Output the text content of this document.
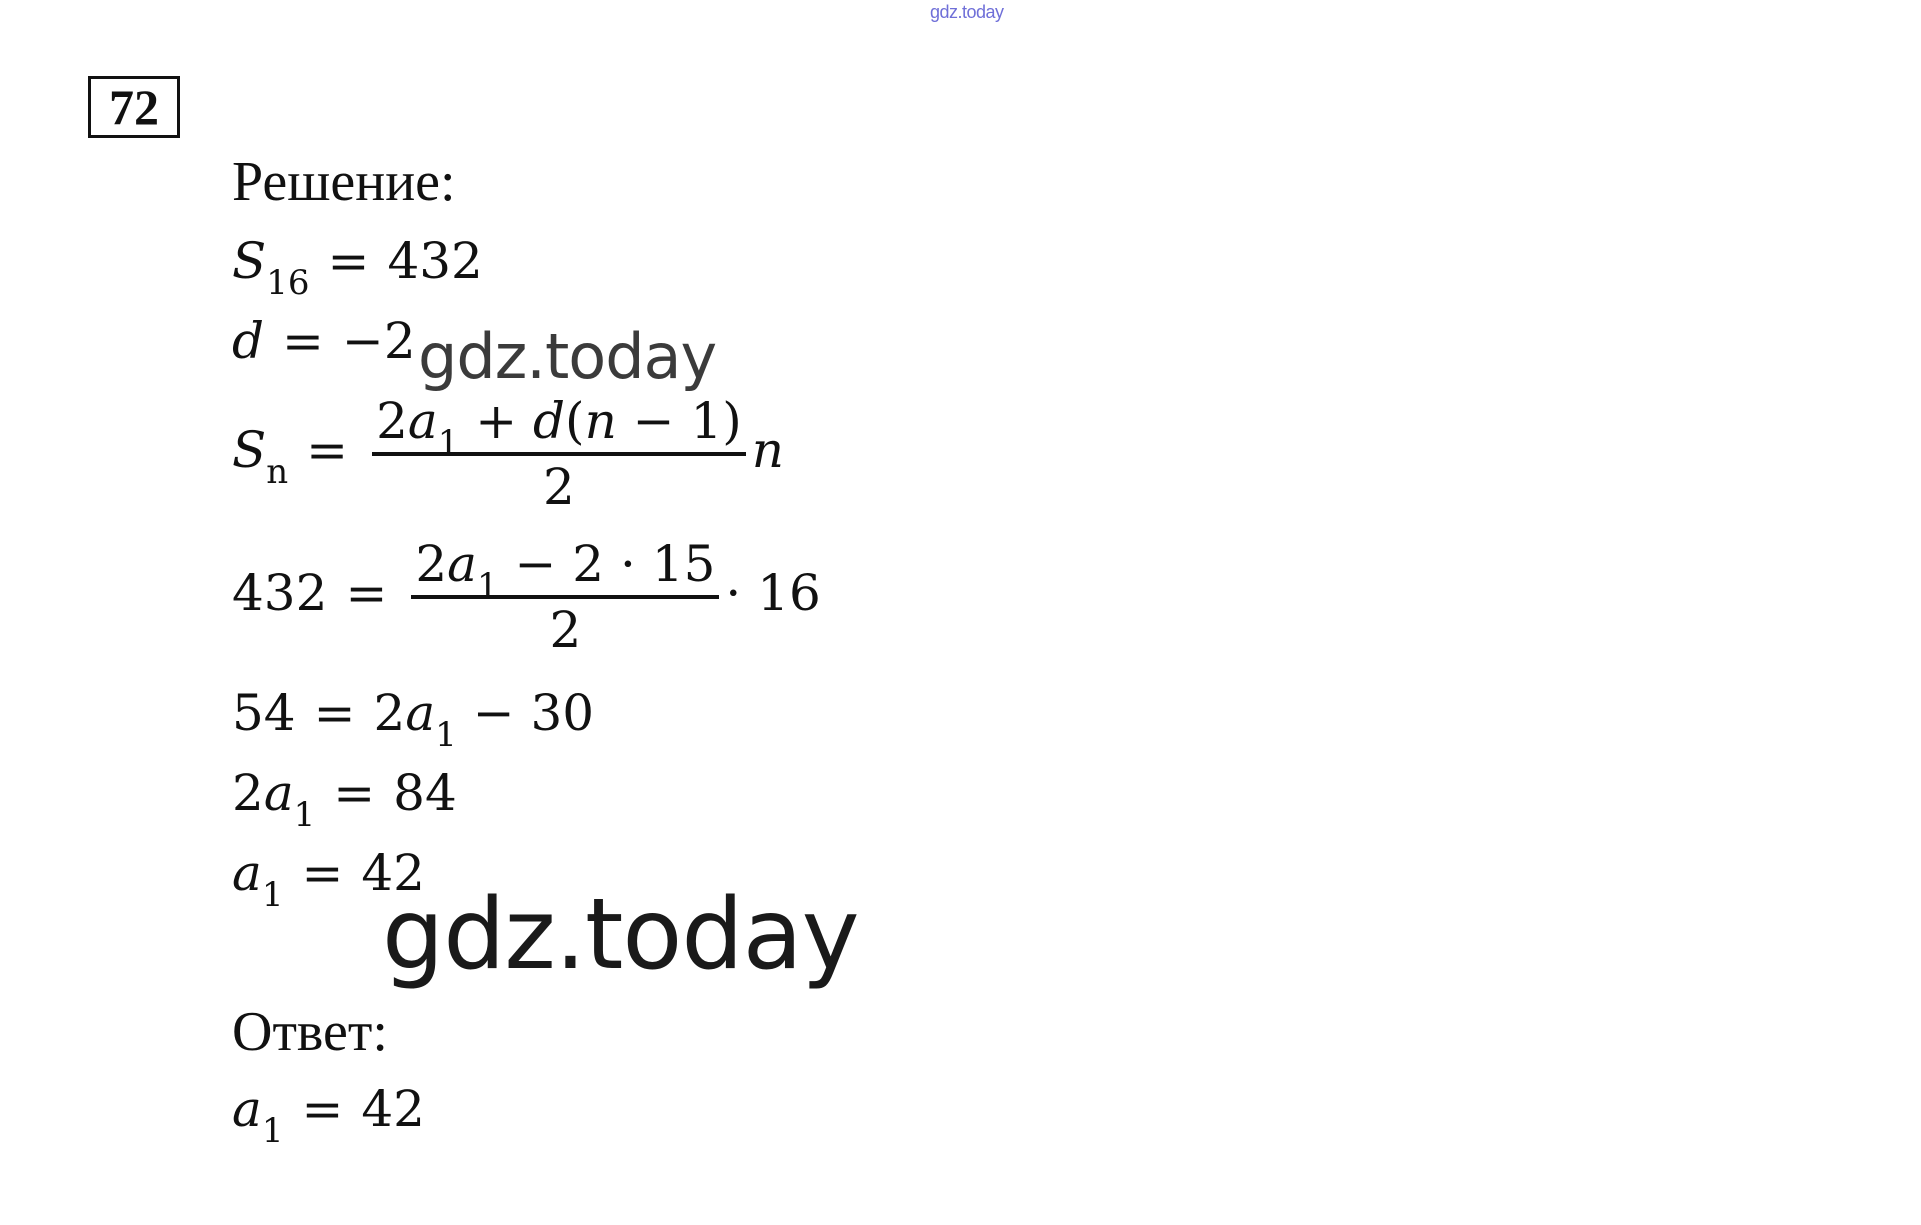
gdz.today
72
Решение:
$S_{16} = 432$
d = −2
$S_n = \frac{2a_1 + d(n - 1)}{2}$ n
$432 = \frac{2a_1 - 2 \cdot 15}{2} \cdot 16$
$54 = 2a_1 - 30$
$2a_1 = 84$
$a_1 = 42$
Ответ:
$a_1 = 42$
gdz.today
gdz.today
